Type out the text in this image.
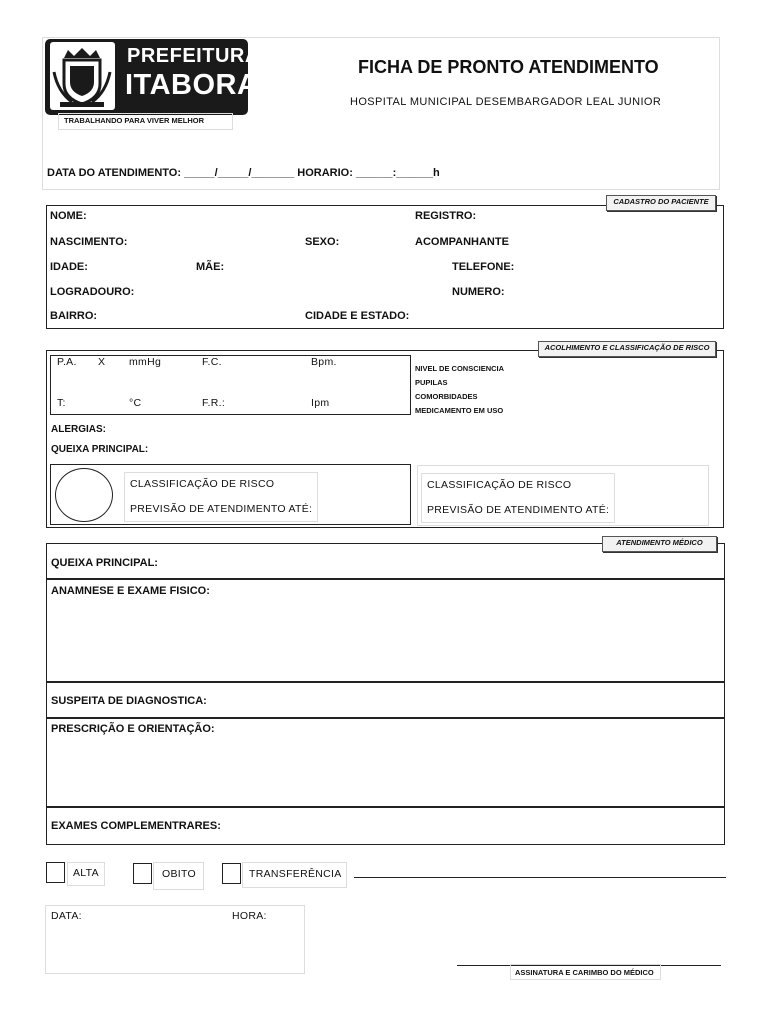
PREFEITURA
ITABORAÍ
TRABALHANDO PARA VIVER MELHOR
FICHA DE PRONTO ATENDIMENTO
HOSPITAL MUNICIPAL DESEMBARGADOR LEAL JUNIOR
DATA DO ATENDIMENTO: _____/_____/_______ HORARIO: ______:______h
CADASTRO DO PACIENTE
NOME:	REGISTRO:
NASCIMENTO:	SEXO:	ACOMPANHANTE
IDADE:	MÃE:	TELEFONE:
LOGRADOURO:	NUMERO:
BAIRRO:	CIDADE E ESTADO:
ACOLHIMENTO E CLASSIFICAÇÃO DE RISCO
P.A. X mmHg	F.C.	Bpm.
T:	°C	F.R.:	Ipm
NIVEL DE CONSCIENCIA
PUPILAS
COMORBIDADES
MEDICAMENTO EM USO
ALERGIAS:
QUEIXA PRINCIPAL:
CLASSIFICAÇÃO DE RISCO
PREVISÃO DE ATENDIMENTO ATÉ:
CLASSIFICAÇÃO DE RISCO
PREVISÃO DE ATENDIMENTO ATÉ:
ATENDIMENTO MÉDICO
QUEIXA PRINCIPAL:
ANAMNESE E EXAME FISICO:
SUSPEITA DE DIAGNOSTICA:
PRESCRIÇÃO E ORIENTAÇÃO:
EXAMES COMPLEMENTRARES:
ALTA	OBITO	TRANSFERÊNCIA
DATA:	HORA:
ASSINATURA E CARIMBO DO MÉDICO
